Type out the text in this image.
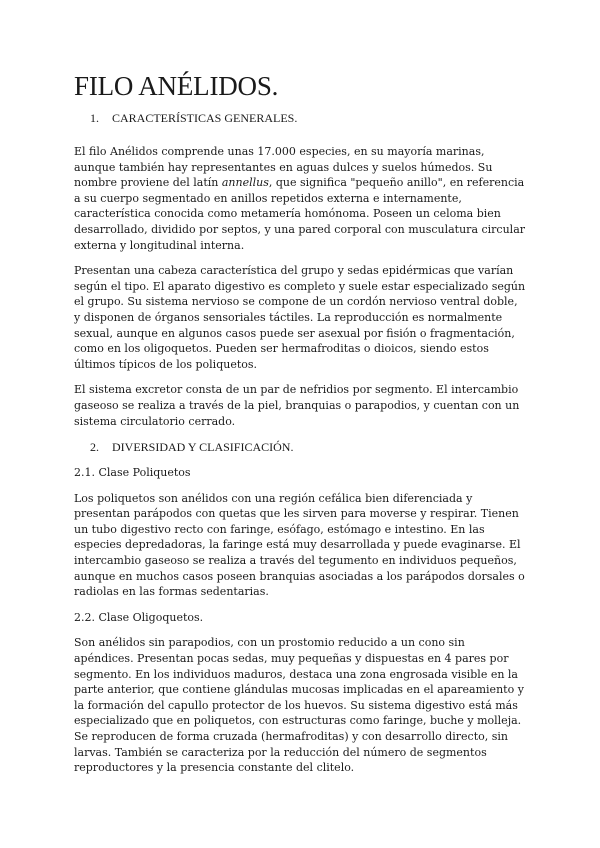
FILO ANÉLIDOS.
1.	CARACTERÍSTICAS GENERALES.

El filo Anélidos comprende unas 17.000 especies, en su mayoría marinas, aunque también hay representantes en aguas dulces y suelos húmedos. Su nombre proviene del latín annellus, que significa "pequeño anillo", en referencia a su cuerpo segmentado en anillos repetidos externa e internamente, característica conocida como metamería homónoma. Poseen un celoma bien desarrollado, dividido por septos, y una pared corporal con musculatura circular externa y longitudinal interna.

Presentan una cabeza característica del grupo y sedas epidérmicas que varían según el tipo. El aparato digestivo es completo y suele estar especializado según el grupo. Su sistema nervioso se compone de un cordón nervioso ventral doble, y disponen de órganos sensoriales táctiles. La reproducción es normalmente sexual, aunque en algunos casos puede ser asexual por fisión o fragmentación, como en los oligoquetos. Pueden ser hermafroditas o dioicos, siendo estos últimos típicos de los poliquetos.

El sistema excretor consta de un par de nefridios por segmento. El intercambio gaseoso se realiza a través de la piel, branquias o parapodios, y cuentan con un sistema circulatorio cerrado.

2.	DIVERSIDAD Y CLASIFICACIÓN.
2.1. Clase Poliquetos

Los poliquetos son anélidos con una región cefálica bien diferenciada y presentan parápodos con quetas que les sirven para moverse y respirar. Tienen un tubo digestivo recto con faringe, esófago, estómago e intestino. En las especies depredadoras, la faringe está muy desarrollada y puede evaginarse. El intercambio gaseoso se realiza a través del tegumento en individuos pequeños, aunque en muchos casos poseen branquias asociadas a los parápodos dorsales o radiolas en las formas sedentarias.

2.2. Clase Oligoquetos.

Son anélidos sin parapodios, con un prostomio reducido a un cono sin apéndices. Presentan pocas sedas, muy pequeñas y dispuestas en 4 pares por segmento. En los individuos maduros, destaca una zona engrosada visible en la parte anterior, que contiene glándulas mucosas implicadas en el apareamiento y la formación del capullo protector de los huevos. Su sistema digestivo está más especializado que en poliquetos, con estructuras como faringe, buche y molleja. Se reproducen de forma cruzada (hermafroditas) y con desarrollo directo, sin larvas. También se caracteriza por la reducción del número de segmentos reproductores y la presencia constante del clitelo.
